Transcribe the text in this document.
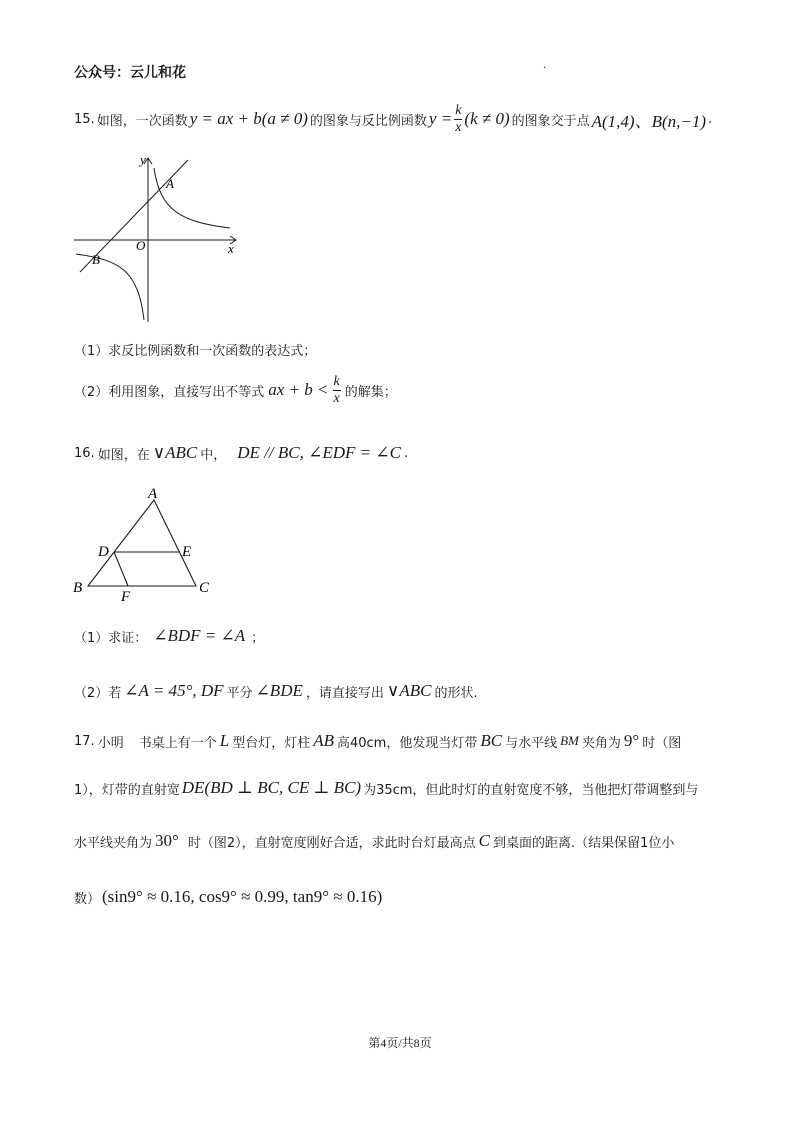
公众号：云儿和花	.
15. 如图，一次函数 y = ax + b(a ≠ 0) 的图象与反比例函数 $y = \frac{k}{x} (k \ne 0)$ 的图象交于点 A(1,4)、B(n,−1) .
y
x
O
A
B
（1）求反比例函数和一次函数的表达式；
（2）利用图象，直接写出不等式 ax + $b < \frac{k}{x}$ 的解集；
16. 如图，在 ∨ABC 中， DE // BC, ∠EDF = ∠C .
A
B	C
D	E
F
（1）求证： ∠BDF = ∠A ；
（2）若 ∠A = 45°, DF 平分 ∠BDE ，请直接写出 ∨ABC 的形状.
17. 小明 书桌上有一个 L 型台灯，灯柱 AB 高40cm，他发现当灯带 BC 与水平线 BM 夹角为 9° 时（图
1），灯带的直射宽 DE(BD ⊥ BC, CE ⊥ BC) 为35cm，但此时灯的直射宽度不够，当他把灯带调整到与
水平线夹角为 30° 时（图2），直射宽度刚好合适，求此时台灯最高点 C 到桌面的距离.（结果保留1位小
数） (sin9° ≈ 0.16, cos9° ≈ 0.99, tan9° ≈ 0.16)
第4页/共8页
